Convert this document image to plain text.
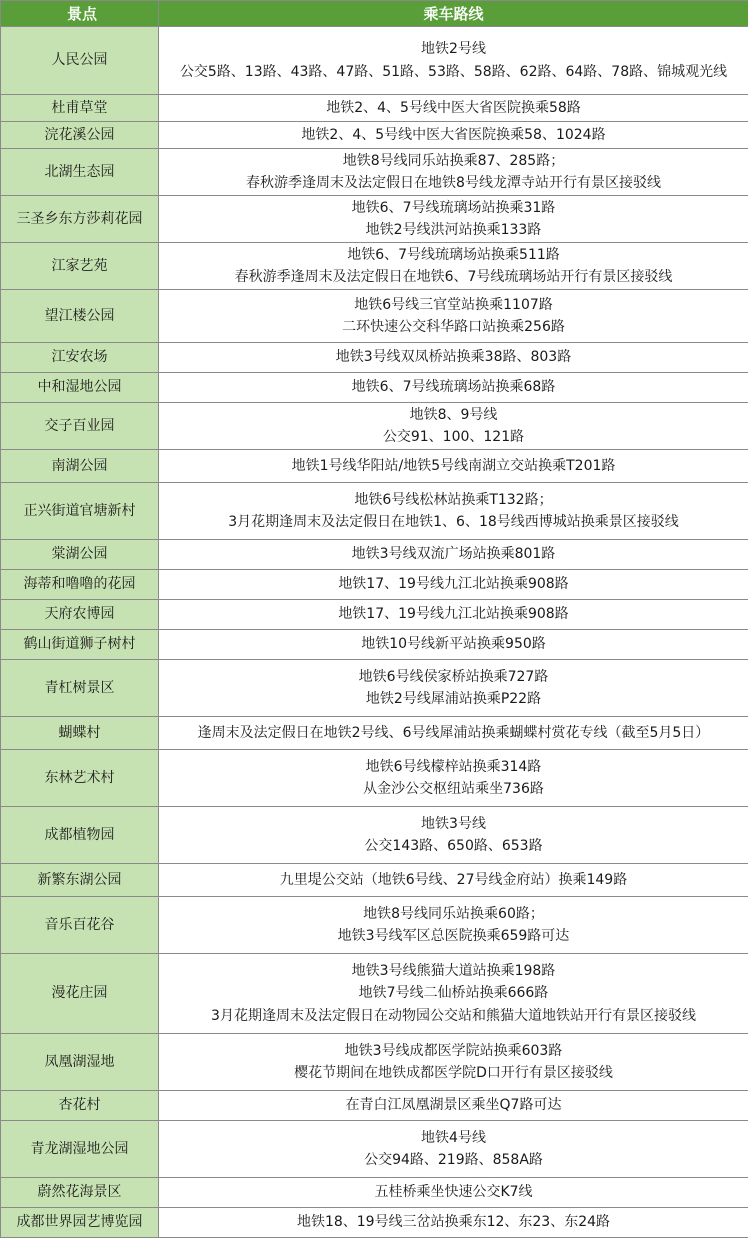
景点	乘车路线
人民公园	地铁2号线
公交5路、13路、43路、47路、51路、53路、58路、62路、64路、78路、锦城观光线

杜甫草堂	地铁2、4、5号线中医大省医院换乘58路

浣花溪公园	地铁2、4、5号线中医大省医院换乘58、1024路

北湖生态园	地铁8号线同乐站换乘87、285路；
春秋游季逢周末及法定假日在地铁8号线龙潭寺站开行有景区接驳线

三圣乡东方莎莉花园	地铁6、7号线琉璃场站换乘31路
地铁2号线洪河站换乘133路

江家艺苑	地铁6、7号线琉璃场站换乘511路
春秋游季逢周末及法定假日在地铁6、7号线琉璃场站开行有景区接驳线

望江楼公园	地铁6号线三官堂站换乘1107路
二环快速公交科华路口站换乘256路

江安农场	地铁3号线双凤桥站换乘38路、803路

中和湿地公园	地铁6、7号线琉璃场站换乘68路

交子百业园	地铁8、9号线
公交91、100、121路

南湖公园	地铁1号线华阳站/地铁5号线南湖立交站换乘T201路

正兴街道官塘新村	地铁6号线松林站换乘T132路；
3月花期逢周末及法定假日在地铁1、6、18号线西博城站换乘景区接驳线

棠湖公园	地铁3号线双流广场站换乘801路

海蒂和噜噜的花园	地铁17、19号线九江北站换乘908路

天府农博园	地铁17、19号线九江北站换乘908路

鹤山街道狮子树村	地铁10号线新平站换乘950路

青杠树景区	地铁6号线侯家桥站换乘727路
地铁2号线犀浦站换乘P22路

蝴蝶村	逢周末及法定假日在地铁2号线、6号线犀浦站换乘蝴蝶村赏花专线（截至5月5日）

东林艺术村	地铁6号线檬梓站换乘314路
从金沙公交枢纽站乘坐736路

成都植物园	地铁3号线
公交143路、650路、653路

新繁东湖公园	九里堤公交站（地铁6号线、27号线金府站）换乘149路

音乐百花谷	地铁8号线同乐站换乘60路；
地铁3号线军区总医院换乘659路可达

漫花庄园	地铁3号线熊猫大道站换乘198路
地铁7号线二仙桥站换乘666路
3月花期逢周末及法定假日在动物园公交站和熊猫大道地铁站开行有景区接驳线

凤凰湖湿地	地铁3号线成都医学院站换乘603路
樱花节期间在地铁成都医学院D口开行有景区接驳线

杏花村	在青白江凤凰湖景区乘坐Q7路可达

青龙湖湿地公园	地铁4号线
公交94路、219路、858A路

蔚然花海景区	五桂桥乘坐快速公交K7线

成都世界园艺博览园	地铁18、19号线三岔站换乘东12、东23、东24路
